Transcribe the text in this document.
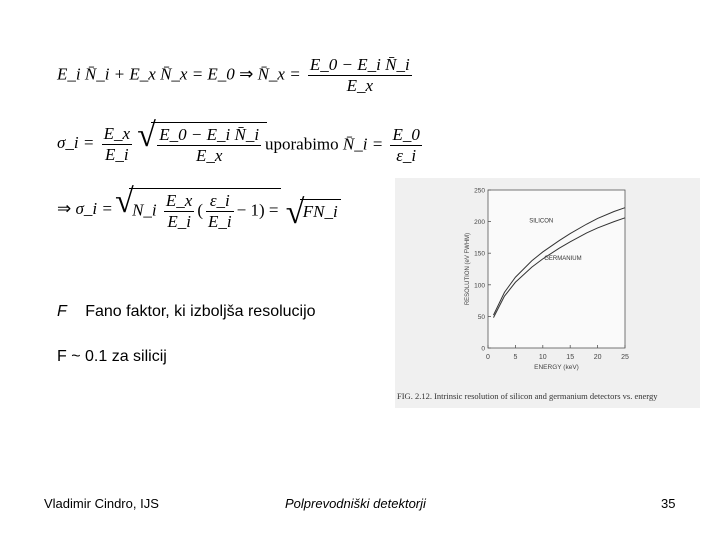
E_i N̄_i + E_x N̄_x = E_0 ⇒ N̄_x = $\frac{\text{E\_0 − E\_i N̄\_i}}{E\_x}$
σ_i = $\frac{E\_x}{E\_i}$
√ $\frac{\text{E\_0 − E\_i N̄\_i}}{E\_x}$ uporabimo N̄_i = $\frac{E\_0}{\varepsilon\_i}$
⇒ σ_i = √ N_i $\frac{E\_x}{E\_i}$ ( $\frac{\varepsilon\_i}{E\_i} - 1$) = √ FN_i
F Fano faktor, ki izboljša resolucijo
F ~ 0.1 za silicij	0	5	10	15	20	25
0
50
100
150
200
250
ENERGY (keV)
RESOLUTION (eV FWHM)
SILICON
GERMANIUM
FIG. 2.12. Intrinsic resolution of silicon and germanium detectors vs. energy
Vladimir Cindro, IJS	Polprevodniški detektorji	35
